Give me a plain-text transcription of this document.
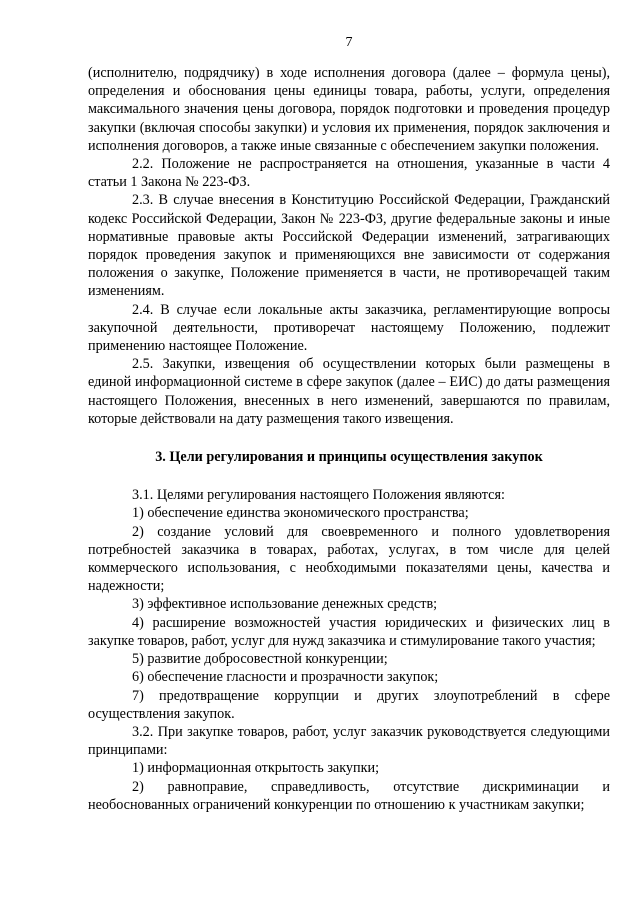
7

(исполнителю, подрядчику) в ходе исполнения договора (далее – формула цены), определения и обоснования цены единицы товара, работы, услуги, определения максимального значения цены договора, порядок подготовки и проведения процедур закупки (включая способы закупки) и условия их применения, порядок заключения и исполнения договоров, а также иные связанные с обеспечением закупки положения.

2.2. Положение не распространяется на отношения, указанные в части 4 статьи 1 Закона № 223-ФЗ.

2.3. В случае внесения в Конституцию Российской Федерации, Гражданский кодекс Российской Федерации, Закон № 223-ФЗ, другие федеральные законы и иные нормативные правовые акты Российской Федерации изменений, затрагивающих порядок проведения закупок и применяющихся вне зависимости от содержания положения о закупке, Положение применяется в части, не противоречащей таким изменениям.

2.4. В случае если локальные акты заказчика, регламентирующие вопросы закупочной деятельности, противоречат настоящему Положению, подлежит применению настоящее Положение.

2.5. Закупки, извещения об осуществлении которых были размещены в единой информационной системе в сфере закупок (далее – ЕИС) до даты размещения настоящего Положения, внесенных в него изменений, завершаются по правилам, которые действовали на дату размещения такого извещения.

3. Цели регулирования и принципы осуществления закупок

3.1. Целями регулирования настоящего Положения являются:

1) обеспечение единства экономического пространства;

2) создание условий для своевременного и полного удовлетворения потребностей заказчика в товарах, работах, услугах, в том числе для целей коммерческого использования, с необходимыми показателями цены, качества и надежности;

3) эффективное использование денежных средств;

4) расширение возможностей участия юридических и физических лиц в закупке товаров, работ, услуг для нужд заказчика и стимулирование такого участия;

5) развитие добросовестной конкуренции;

6) обеспечение гласности и прозрачности закупок;

7) предотвращение коррупции и других злоупотреблений в сфере осуществления закупок.

3.2. При закупке товаров, работ, услуг заказчик руководствуется следующими принципами:

1) информационная открытость закупки;

2) равноправие, справедливость, отсутствие дискриминации и необоснованных ограничений конкуренции по отношению к участникам закупки;
